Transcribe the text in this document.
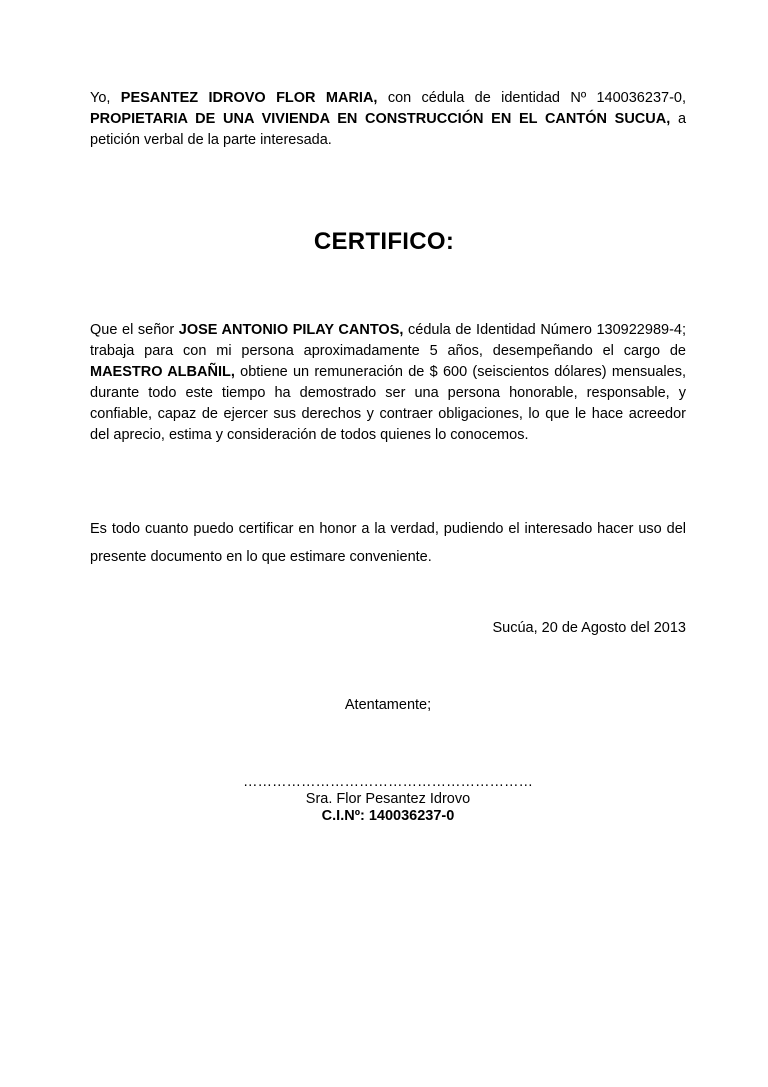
Yo, PESANTEZ IDROVO FLOR MARIA, con cédula de identidad Nº 140036237-0, PROPIETARIA DE UNA VIVIENDA EN CONSTRUCCIÓN EN EL CANTÓN SUCUA, a petición verbal de la parte interesada.
CERTIFICO:
Que el señor JOSE ANTONIO PILAY CANTOS, cédula de Identidad Número 130922989-4; trabaja para con mi persona aproximadamente 5 años, desempeñando el cargo de MAESTRO ALBAÑIL, obtiene un remuneración de $ 600 (seiscientos dólares) mensuales, durante todo este tiempo ha demostrado ser una persona honorable, responsable, y confiable, capaz de ejercer sus derechos y contraer obligaciones, lo que le hace acreedor del aprecio, estima y consideración de todos quienes lo conocemos.
Es todo cuanto puedo certificar en honor a la verdad, pudiendo el interesado hacer uso del presente documento en lo que estimare conveniente.
Sucúa, 20 de Agosto del 2013
Atentamente;
……………………………………………………
Sra. Flor Pesantez Idrovo
C.I.Nº: 140036237-0
